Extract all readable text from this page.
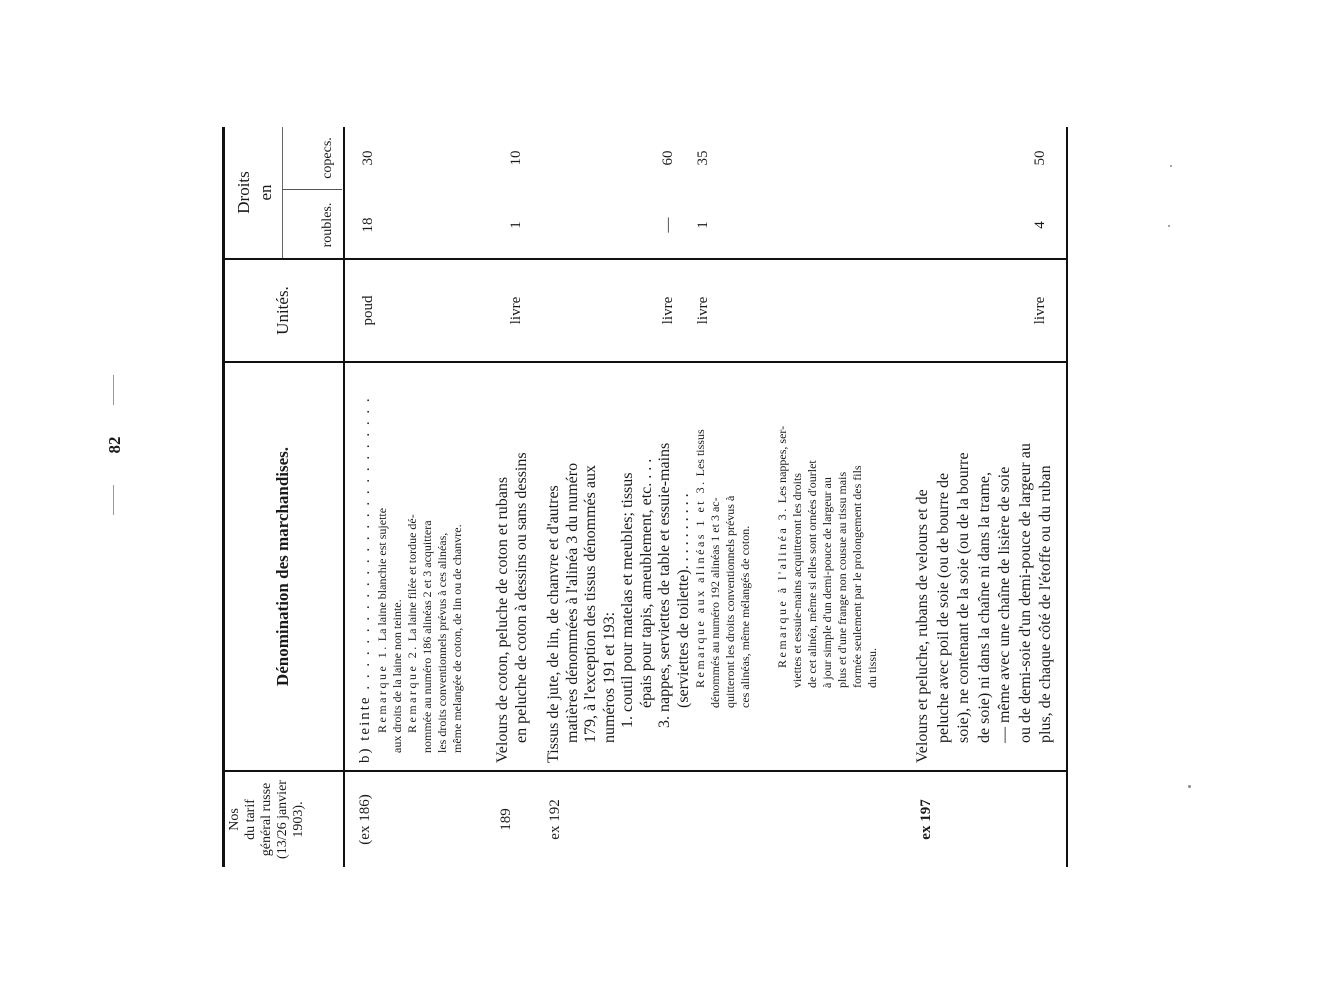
82
Nos du tarif général russe (13/26 janvier 1903).
Dénomination des marchandises.
Unités.
Droits en
roubles.
copecs.
(ex 186)
b) teinte . . . . . . . . . . . . . . . . . . . . . . . . . . Remarque 1. La laine blanchie est sujette
aux droits de la laine non teinte. Remarque 2. La laine filée et tordue dé- nommée au numéro 186 alinéas 2 et 3 acquittera les droits conventionnels prévus à ces alinéas, même melangée de coton, de lin ou de chanvre.
poud
18
30
189
Velours de coton, peluche de coton et rubans en peluche de coton à dessins ou sans dessins
livre
1
10
ex 192
Tissus de jute, de lin, de chanvre et d'autres matières dénommées à l'alinéa 3 du numéro 179, à l'exception des tissus dénommés aux numéros 191 et 193: 1. coutil pour matelas et meubles; tissus épais pour tapis, ameublement, etc. . . . 3. nappes, serviettes de table et essuie-mains (serviettes de toilette). . . . . . . . . . Remarque aux alinéas 1 et 3. Les tissus
dénommés au numéro 192 alinéas 1 et 3 ac- quitteront les droits conventionnels prévus à ces alinéas, même mélangés de coton. Remarque à l'alinéa 3. Les nappes, ser-
viettes et essuie-mains acquitteront les droits de cet alinéa, même si elles sont ornées d'ourlet à jour simple d'un demi-pouce de largeur au plus et d'une frange non cousue au tissu mais formée seulement par le prolongement des fils du tissu.
livre
—
60
livre
1
35
ex 197
Velours et peluche, rubans de velours et de peluche avec poil de soie (ou de bourre de soie), ne contenant de la soie (ou de la bourre de soie) ni dans la chaîne ni dans la trame, — même avec une chaîne de lisière de soie ou de demi-soie d'un demi-pouce de largeur au plus, de chaque côté de l'étoffe ou du ruban
livre
4
50
